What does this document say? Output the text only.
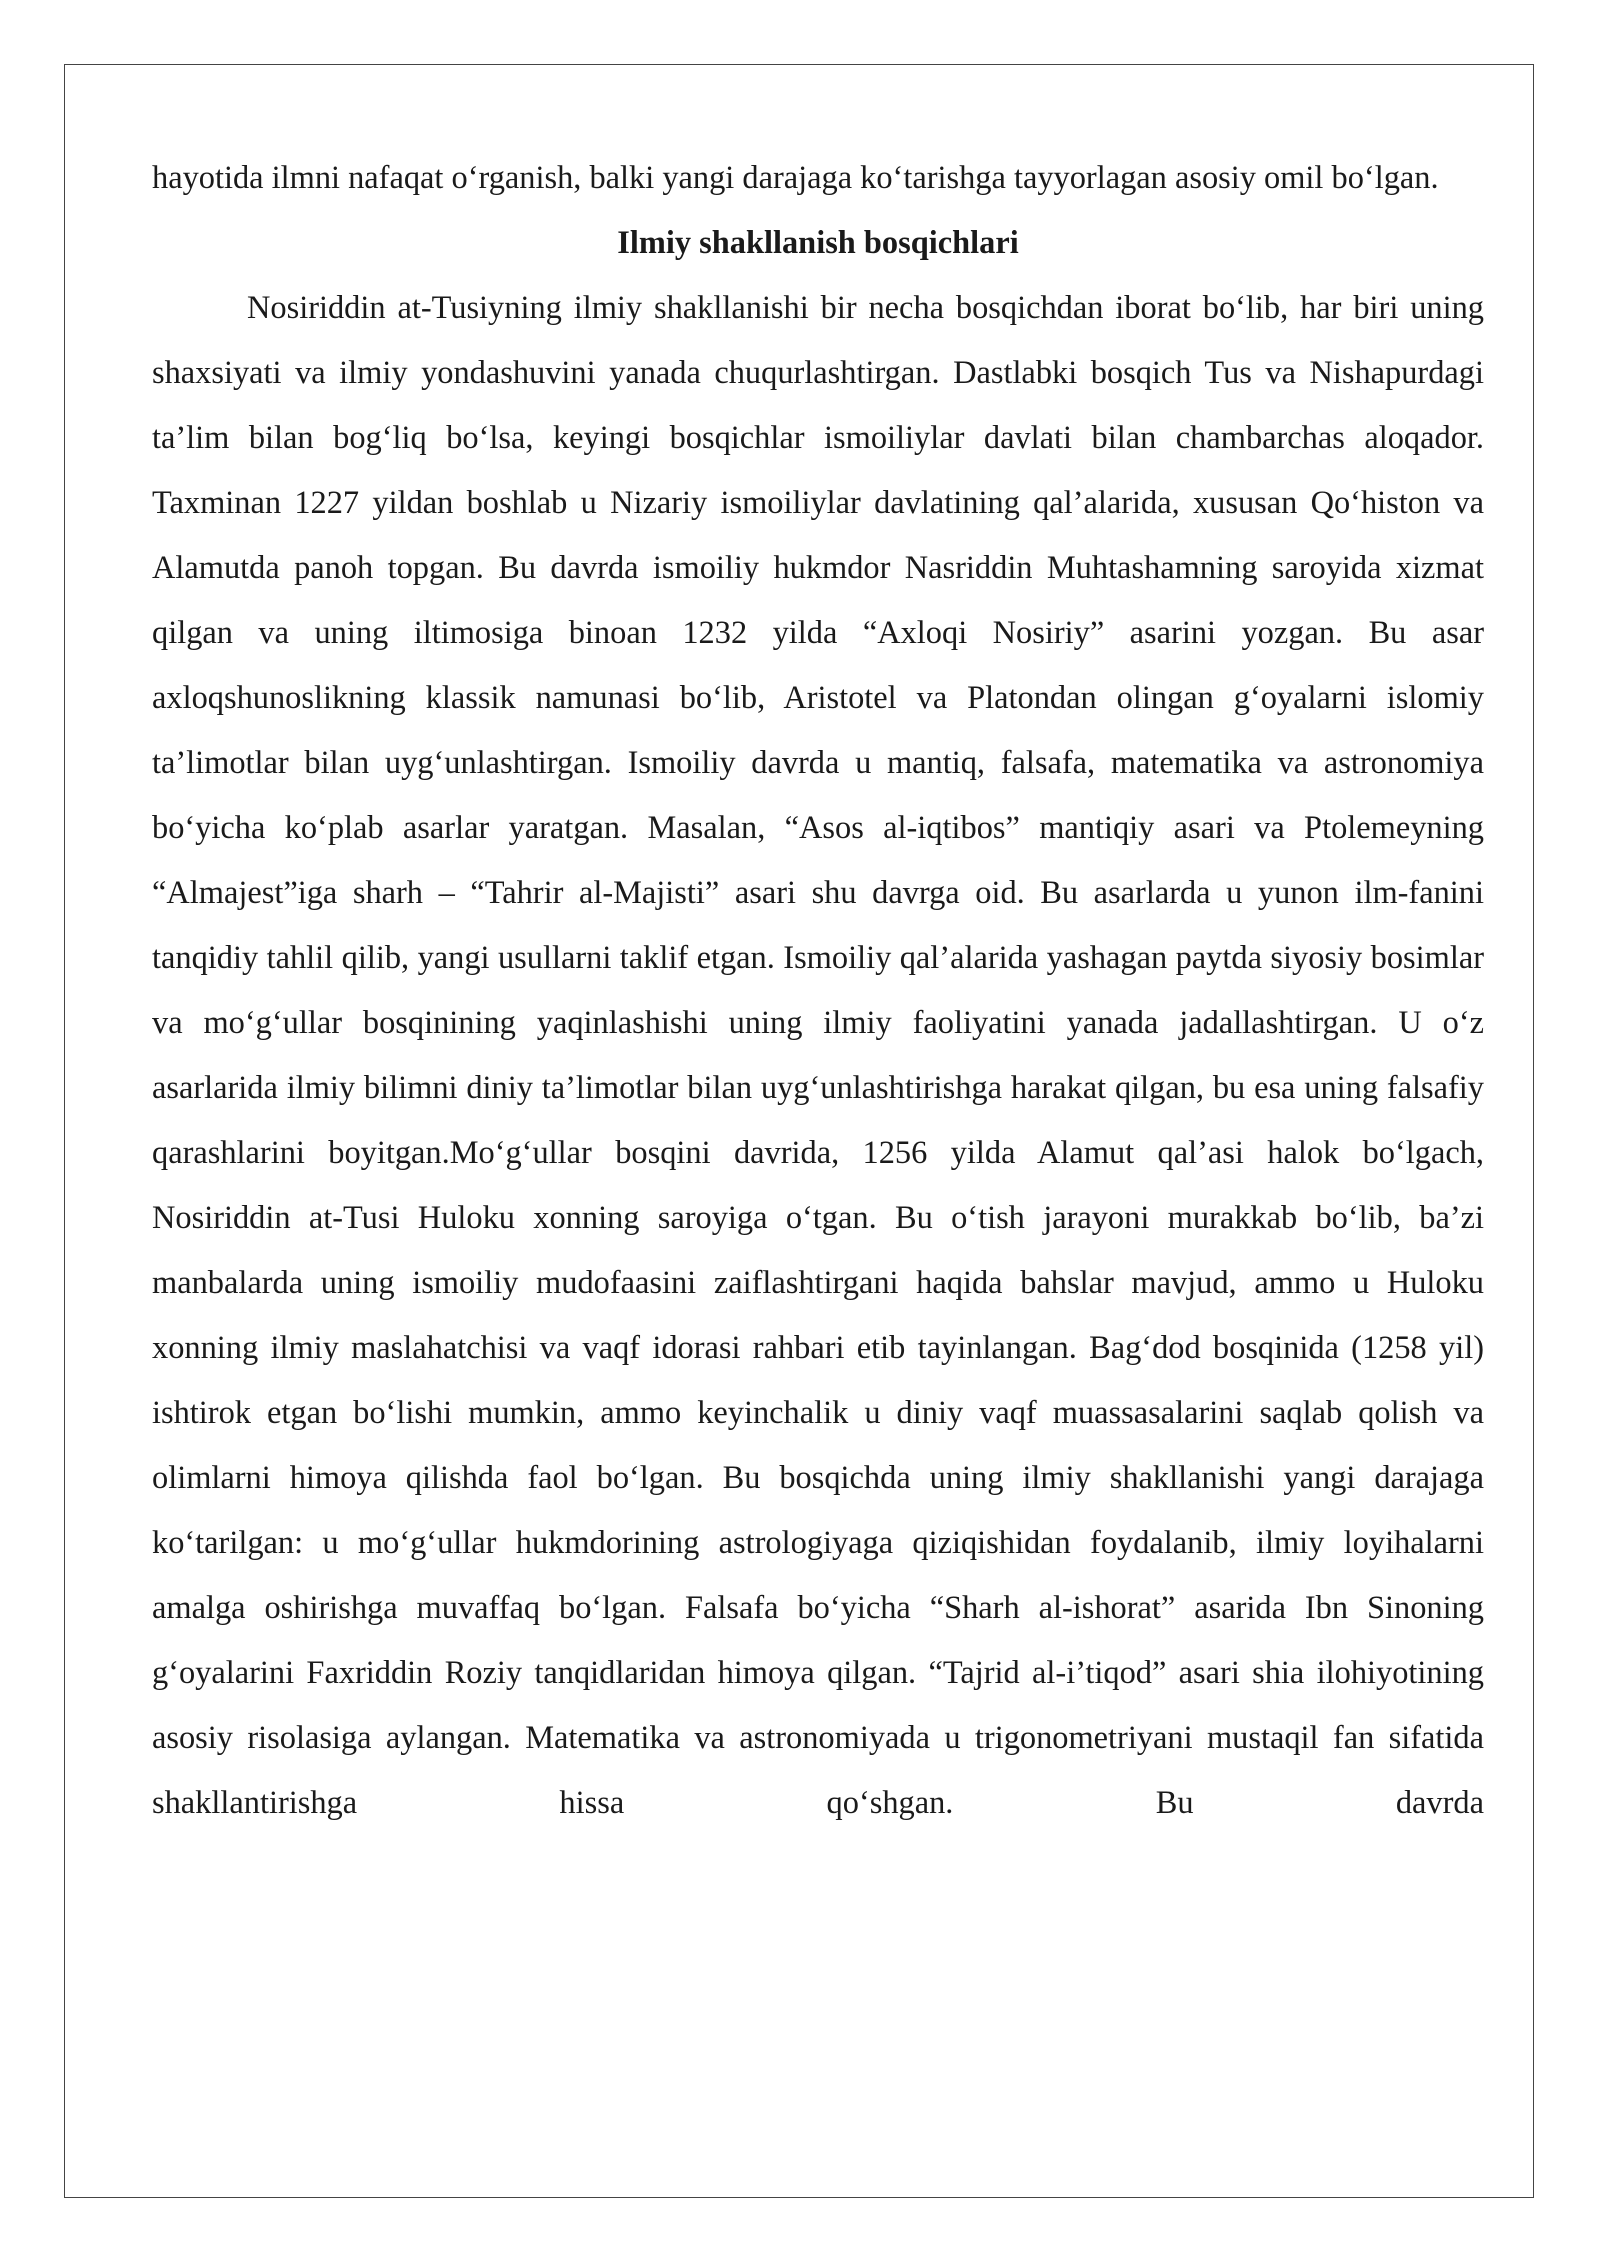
hayotida ilmni nafaqat o‘rganish, balki yangi darajaga ko‘tarishga tayyorlagan asosiy omil bo‘lgan.

Ilmiy shakllanish bosqichlari

Nosiriddin at-Tusiyning ilmiy shakllanishi bir necha bosqichdan iborat bo‘lib, har biri uning shaxsiyati va ilmiy yondashuvini yanada chuqurlashtirgan. Dastlabki bosqich Tus va Nishapurdagi ta’lim bilan bog‘liq bo‘lsa, keyingi bosqichlar ismoiliylar davlati bilan chambarchas aloqador. Taxminan 1227 yildan boshlab u Nizariy ismoiliylar davlatining qal’alarida, xususan Qo‘histon va Alamutda panoh topgan. Bu davrda ismoiliy hukmdor Nasriddin Muhtashamning saroyida xizmat qilgan va uning iltimosiga binoan 1232 yilda “Axloqi Nosiriy” asarini yozgan. Bu asar axloqshunoslikning klassik namunasi bo‘lib, Aristotel va Platondan olingan g‘oyalarni islomiy ta’limotlar bilan uyg‘unlashtirgan. Ismoiliy davrda u mantiq, falsafa, matematika va astronomiya bo‘yicha ko‘plab asarlar yaratgan. Masalan, “Asos al-iqtibos” mantiqiy asari va Ptolemeyning “Almajest”iga sharh – “Tahrir al-Majisti” asari shu davrga oid. Bu asarlarda u yunon ilm-fanini tanqidiy tahlil qilib, yangi usullarni taklif etgan. Ismoiliy qal’alarida yashagan paytda siyosiy bosimlar va mo‘g‘ullar bosqinining yaqinlashishi uning ilmiy faoliyatini yanada jadallashtirgan. U o‘z asarlarida ilmiy bilimni diniy ta’limotlar bilan uyg‘unlashtirishga harakat qilgan, bu esa uning falsafiy qarashlarini boyitgan.Mo‘g‘ullar bosqini davrida, 1256 yilda Alamut qal’asi halok bo‘lgach, Nosiriddin at-Tusi Huloku xonning saroyiga o‘tgan. Bu o‘tish jarayoni murakkab bo‘lib, ba’zi manbalarda uning ismoiliy mudofaasini zaiflashtirgani haqida bahslar mavjud, ammo u Huloku xonning ilmiy maslahatchisi va vaqf idorasi rahbari etib tayinlangan. Bag‘dod bosqinida (1258 yil) ishtirok etgan bo‘lishi mumkin, ammo keyinchalik u diniy vaqf muassasalarini saqlab qolish va olimlarni himoya qilishda faol bo‘lgan. Bu bosqichda uning ilmiy shakllanishi yangi darajaga ko‘tarilgan: u mo‘g‘ullar hukmdorining astrologiyaga qiziqishidan foydalanib, ilmiy loyihalarni amalga oshirishga muvaffaq bo‘lgan. Falsafa bo‘yicha “Sharh al-ishorat” asarida Ibn Sinoning g‘oyalarini Faxriddin Roziy tanqidlaridan himoya qilgan. “Tajrid al-i’tiqod” asari shia ilohiyotining asosiy risolasiga aylangan. Matematika va astronomiyada u trigonometriyani mustaqil fan sifatida shakllantirishga hissa qo‘shgan. Bu davrda
